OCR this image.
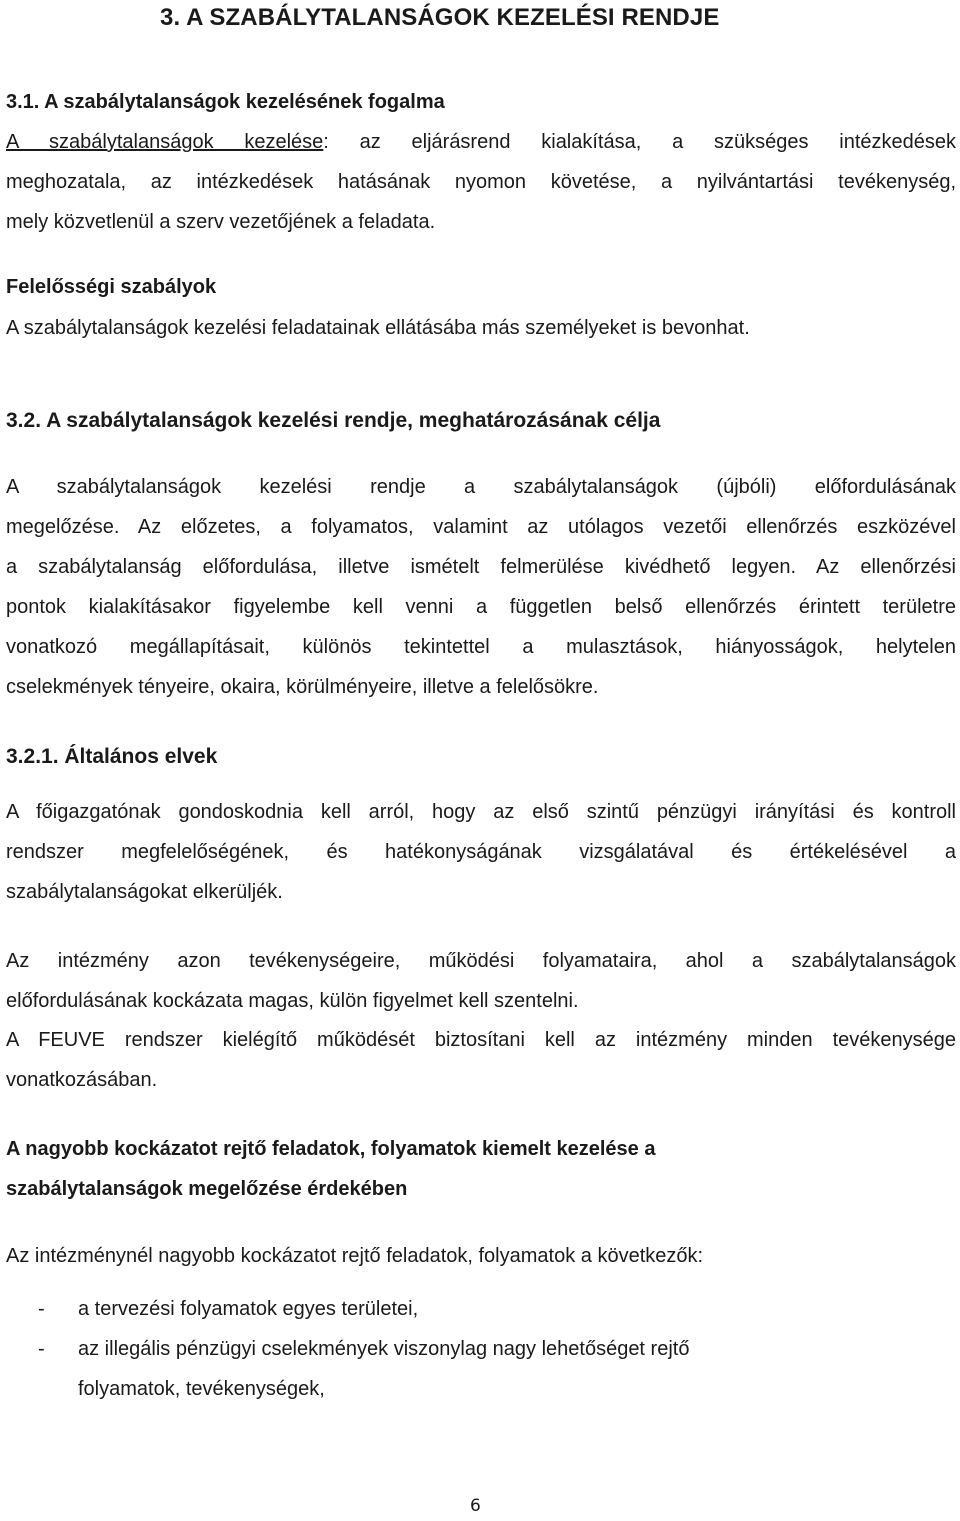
3. A SZABÁLYTALANSÁGOK KEZELÉSI RENDJE
3.1. A szabálytalanságok kezelésének fogalma
A szabálytalanságok kezelése: az eljárásrend kialakítása, a szükséges intézkedések
meghozatala, az intézkedések hatásának nyomon követése, a nyilvántartási tevékenység,
mely közvetlenül a szerv vezetőjének a feladata.
Felelősségi szabályok
A szabálytalanságok kezelési feladatainak ellátásába más személyeket is bevonhat.
3.2. A szabálytalanságok kezelési rendje, meghatározásának célja
A szabálytalanságok kezelési rendje a szabálytalanságok (újbóli) előfordulásának
megelőzése. Az előzetes, a folyamatos, valamint az utólagos vezetői ellenőrzés eszközével
a szabálytalanság előfordulása, illetve ismételt felmerülése kivédhető legyen. Az ellenőrzési
pontok kialakításakor figyelembe kell venni a független belső ellenőrzés érintett területre
vonatkozó megállapításait, különös tekintettel a mulasztások, hiányosságok, helytelen
cselekmények tényeire, okaira, körülményeire, illetve a felelősökre.
3.2.1. Általános elvek
A főigazgatónak gondoskodnia kell arról, hogy az első szintű pénzügyi irányítási és kontroll
rendszer megfelelőségének, és hatékonyságának vizsgálatával és értékelésével a
szabálytalanságokat elkerüljék.
Az intézmény azon tevékenységeire, működési folyamataira, ahol a szabálytalanságok
előfordulásának kockázata magas, külön figyelmet kell szentelni.
A FEUVE rendszer kielégítő működését biztosítani kell az intézmény minden tevékenysége
vonatkozásában.
A nagyobb kockázatot rejtő feladatok, folyamatok kiemelt kezelése a
szabálytalanságok megelőzése érdekében
Az intézménynél nagyobb kockázatot rejtő feladatok, folyamatok a következők:
- a tervezési folyamatok egyes területei,
- az illegális pénzügyi cselekmények viszonylag nagy lehetőséget rejtő
folyamatok, tevékenységek,
6
